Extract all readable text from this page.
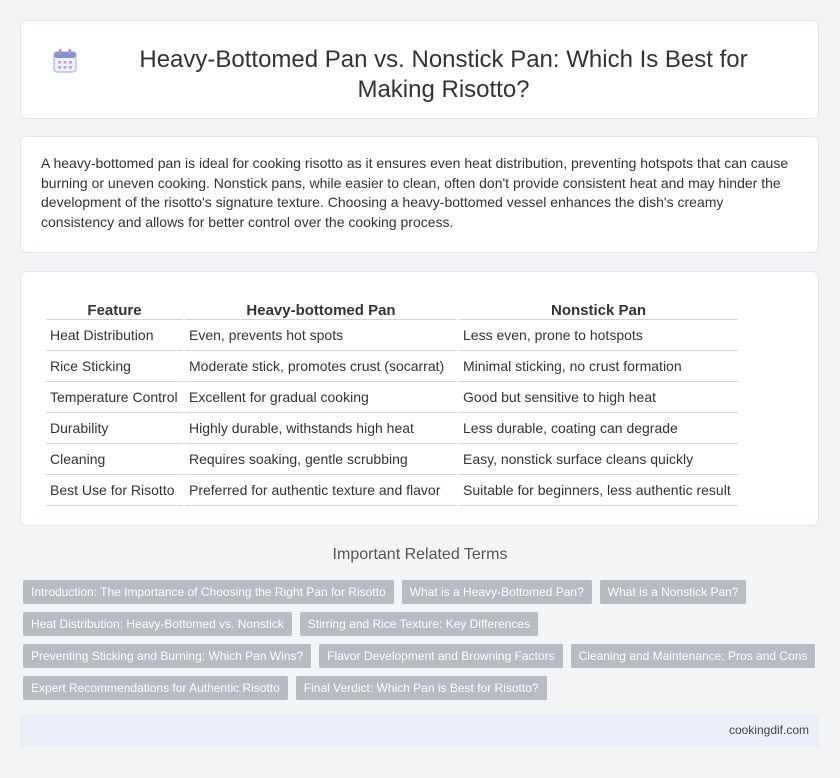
Heavy-Bottomed Pan vs. Nonstick Pan: Which Is Best for Making Risotto?

A heavy-bottomed pan is ideal for cooking risotto as it ensures even heat distribution, preventing hotspots that can cause burning or uneven cooking. Nonstick pans, while easier to clean, often don't provide consistent heat and may hinder the development of the risotto's signature texture. Choosing a heavy-bottomed vessel enhances the dish's creamy consistency and allows for better control over the cooking process.

Feature	Heavy-bottomed Pan	Nonstick Pan
Heat Distribution	Even, prevents hot spots	Less even, prone to hotspots
Rice Sticking	Moderate stick, promotes crust (socarrat)	Minimal sticking, no crust formation
Temperature Control	Excellent for gradual cooking	Good but sensitive to high heat
Durability	Highly durable, withstands high heat	Less durable, coating can degrade
Cleaning	Requires soaking, gentle scrubbing	Easy, nonstick surface cleans quickly
Best Use for Risotto	Preferred for authentic texture and flavor	Suitable for beginners, less authentic result
Important Related Terms
Introduction: The Importance of Choosing the Right Pan for Risotto	What is a Heavy-Bottomed Pan?	What is a Nonstick Pan?
Heat Distribution: Heavy-Bottomed vs. Nonstick	Stirring and Rice Texture: Key Differences
Preventing Sticking and Burning: Which Pan Wins?	Flavor Development and Browning Factors	Cleaning and Maintenance: Pros and Cons
Expert Recommendations for Authentic Risotto	Final Verdict: Which Pan is Best for Risotto?
cookingdif.com
